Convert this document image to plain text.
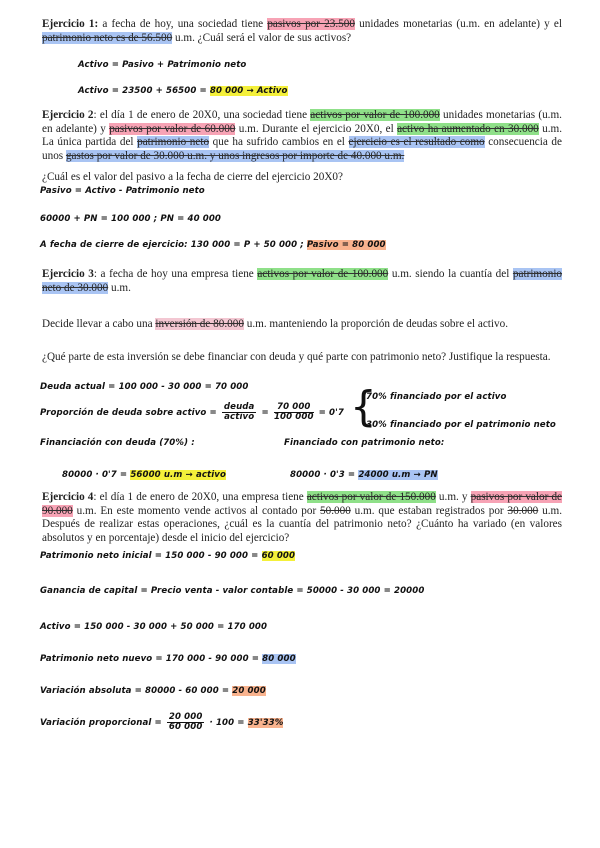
Ejercicio 1: a fecha de hoy, una sociedad tiene pasivos por 23.500 unidades monetarias (u.m. en adelante) y el patrimonio neto es de 56.500 u.m. ¿Cuál será el valor de sus activos?
Activo = Pasivo + Patrimonio neto
Activo = 23500 + 56500 = 80 000 → Activo
Ejercicio 2: el día 1 de enero de 20X0, una sociedad tiene activos por valor de 100.000 unidades monetarias (u.m. en adelante) y pasivos por valor de 60.000 u.m. Durante el ejercicio 20X0, el activo ha aumentado en 30.000 u.m. La única partida del patrimonio neto que ha sufrido cambios en el ejercicio es el resultado como consecuencia de unos gastos por valor de 30.000 u.m. y unos ingresos por importe de 40.000 u.m.
¿Cuál es el valor del pasivo a la fecha de cierre del ejercicio 20X0?
Pasivo = Activo - Patrimonio neto
60000 + PN = 100 000 ; PN = 40 000
A fecha de cierre de ejercicio: 130 000 = P + 50 000 ; Pasivo = 80 000
Ejercicio 3: a fecha de hoy una empresa tiene activos por valor de 100.000 u.m. siendo la cuantía del patrimonio neto de 30.000 u.m.
Decide llevar a cabo una inversión de 80.000 u.m. manteniendo la proporción de deudas sobre el activo.
¿Qué parte de esta inversión se debe financiar con deuda y qué parte con patrimonio neto? Justifique la respuesta.
Deuda actual = 100 000 - 30 000 = 70 000
Proporción de deuda sobre activo = $\frac{\text{deuda}}{\text{activo}} = \frac{70 000}{100 000} = 0'7$ {
70% financiado por el activo
30% financiado por el patrimonio neto
Financiación con deuda (70%) :	Financiado con patrimonio neto:
80000 · 0'7 = 56000 u.m → activo	80000 · 0'3 = 24000 u.m → PN
Ejercicio 4: el día 1 de enero de 20X0, una empresa tiene activos por valor de 150.000 u.m. y pasivos por valor de 90.000 u.m. En este momento vende activos al contado por 50.000 u.m. que estaban registrados por 30.000 u.m. Después de realizar estas operaciones, ¿cuál es la cuantía del patrimonio neto? ¿Cuánto ha variado (en valores absolutos y en porcentaje) desde el inicio del ejercicio?
Patrimonio neto inicial = 150 000 - 90 000 = 60 000
Ganancia de capital = Precio venta - valor contable = 50000 - 30 000 = 20000
Activo = 150 000 - 30 000 + 50 000 = 170 000
Patrimonio neto nuevo = 170 000 - 90 000 = 80 000
Variación absoluta = 80000 - 60 000 = 20 000
Variación proporcional = $\frac{20 000}{60 000} \cdot 100 = 33'33\%$
